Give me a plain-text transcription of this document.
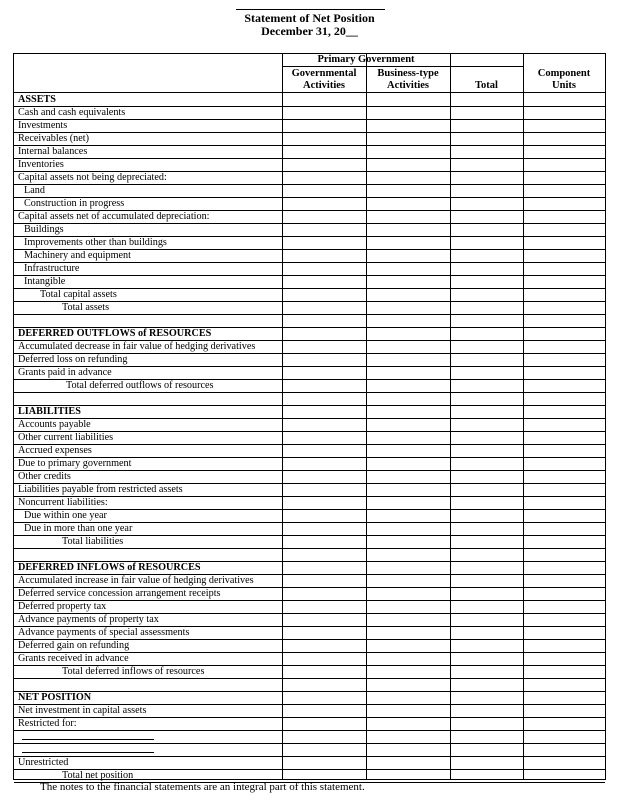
Statement of Net Position
December 31, 20__
Primary Government
Governmental
Activities
Business-type
Activities	Total
Component
Units
ASSETS
Cash and cash equivalents
Investments
Receivables (net)
Internal balances
Inventories
Capital assets not being depreciated:
Land
Construction in progress
Capital assets net of accumulated depreciation:
Buildings
Improvements other than buildings
Machinery and equipment
Infrastructure
Intangible
Total capital assets
Total assets
DEFERRED OUTFLOWS of RESOURCES
Accumulated decrease in fair value of hedging derivatives
Deferred loss on refunding
Grants paid in advance
Total deferred outflows of resources
LIABILITIES
Accounts payable
Other current liabilities
Accrued expenses
Due to primary government
Other credits
Liabilities payable from restricted assets
Noncurrent liabilities:
Due within one year
Due in more than one year
Total liabilities
DEFERRED INFLOWS of RESOURCES
Accumulated increase in fair value of hedging derivatives
Deferred service concession arrangement receipts
Deferred property tax
Advance payments of property tax
Advance payments of special assessments
Deferred gain on refunding
Grants received in advance
Total deferred inflows of resources
NET POSITION
Net investment in capital assets
Restricted for:
Unrestricted
Total net position
The notes to the financial statements are an integral part of this statement.
